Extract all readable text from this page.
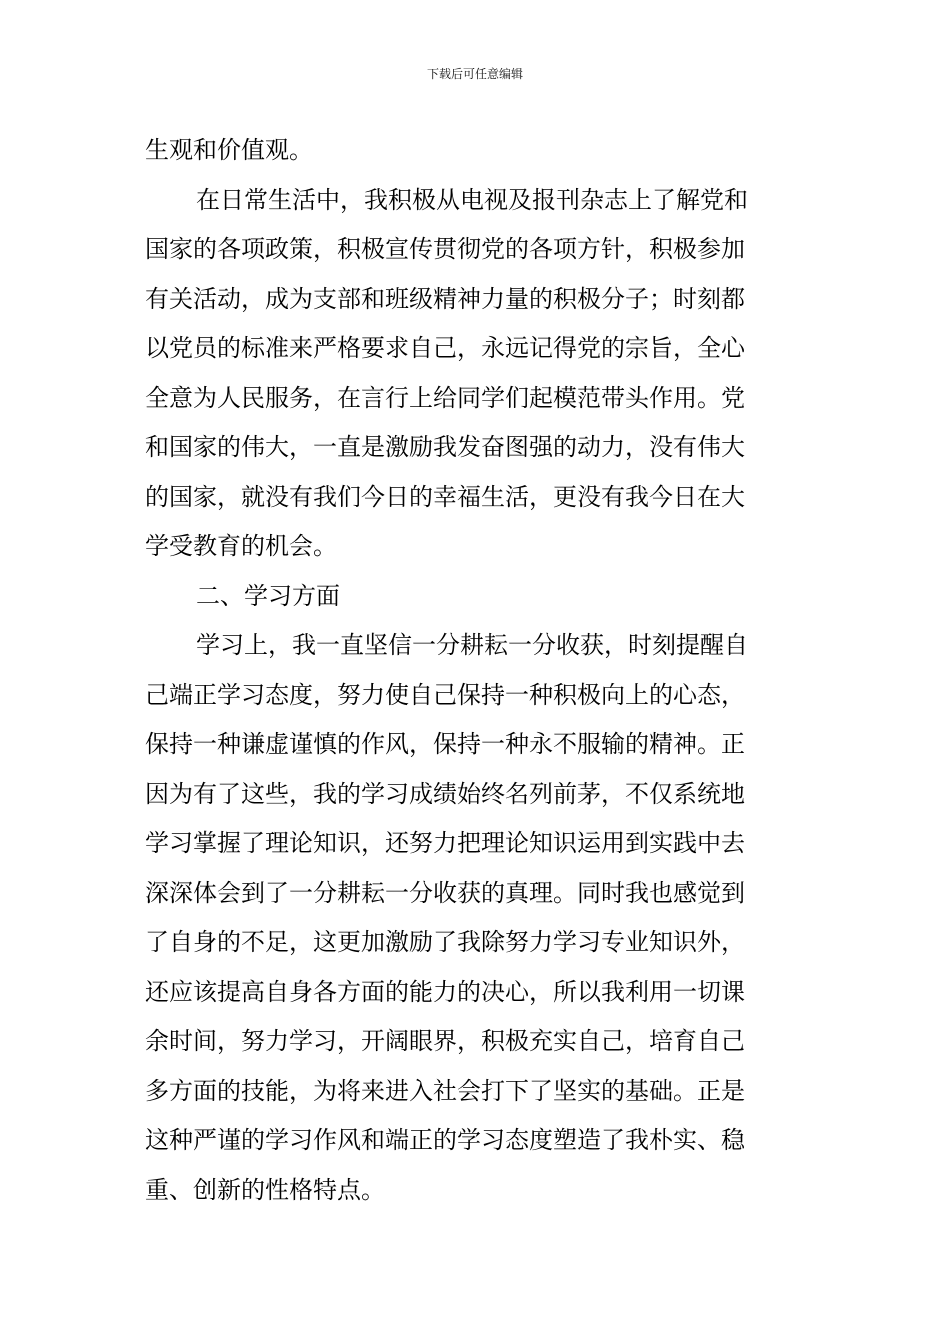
下载后可任意编辑
生观和价值观。
在日常生活中，我积极从电视及报刊杂志上了解党和
国家的各项政策，积极宣传贯彻党的各项方针，积极参加
有关活动，成为支部和班级精神力量的积极分子；时刻都
以党员的标准来严格要求自己，永远记得党的宗旨，全心
全意为人民服务，在言行上给同学们起模范带头作用。党
和国家的伟大，一直是激励我发奋图强的动力，没有伟大
的国家，就没有我们今日的幸福生活，更没有我今日在大
学受教育的机会。
二、学习方面
学习上，我一直坚信一分耕耘一分收获，时刻提醒自
己端正学习态度，努力使自己保持一种积极向上的心态，
保持一种谦虚谨慎的作风，保持一种永不服输的精神。正
因为有了这些，我的学习成绩始终名列前茅，不仅系统地
学习掌握了理论知识，还努力把理论知识运用到实践中去
深深体会到了一分耕耘一分收获的真理。同时我也感觉到
了自身的不足，这更加激励了我除努力学习专业知识外，
还应该提高自身各方面的能力的决心，所以我利用一切课
余时间，努力学习，开阔眼界，积极充实自己，培育自己
多方面的技能，为将来进入社会打下了坚实的基础。正是
这种严谨的学习作风和端正的学习态度塑造了我朴实、稳
重、创新的性格特点。
